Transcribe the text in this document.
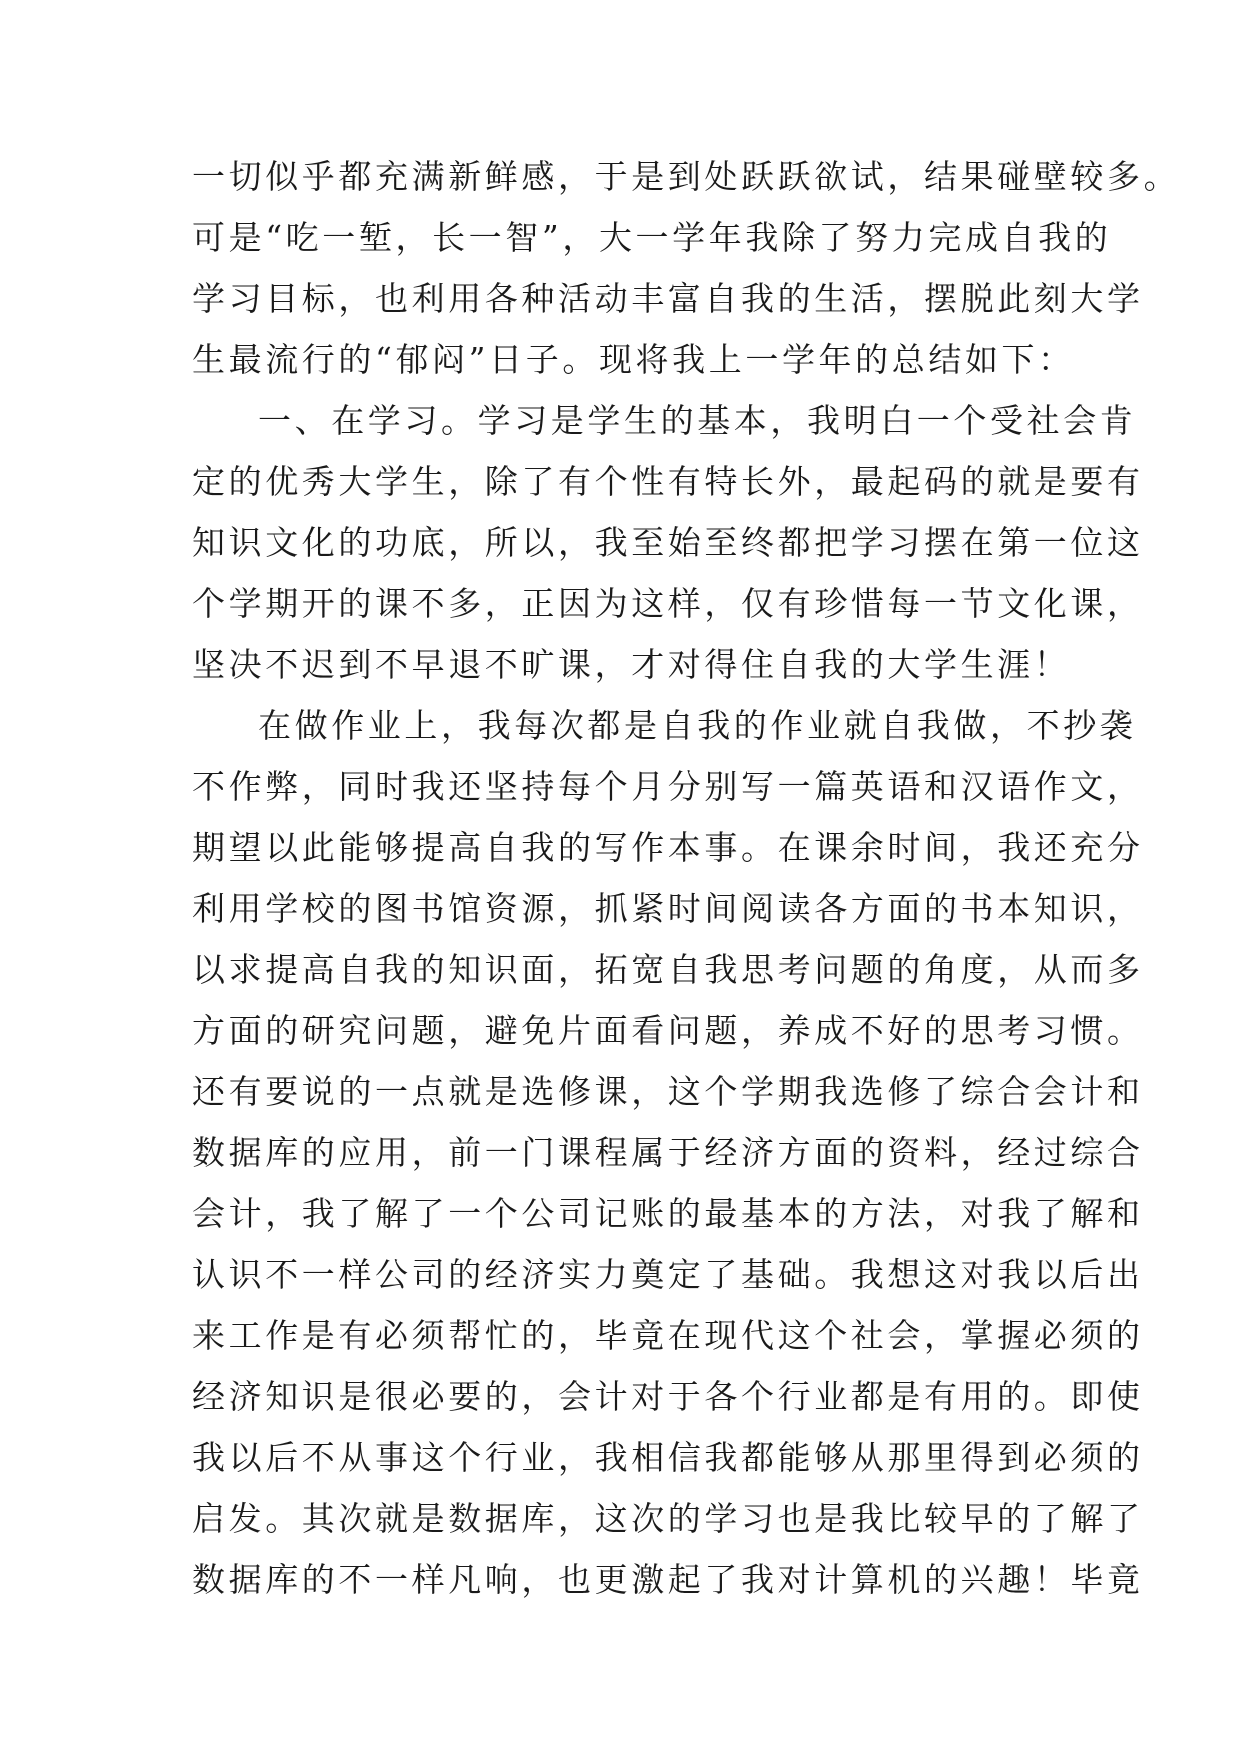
一切似乎都充满新鲜感，于是到处跃跃欲试，结果碰壁较多。
可是“吃一堑，长一智”，大一学年我除了努力完成自我的
学习目标，也利用各种活动丰富自我的生活，摆脱此刻大学
生最流行的“郁闷”日子。现将我上一学年的总结如下：
一、在学习。学习是学生的基本，我明白一个受社会肯
定的优秀大学生，除了有个性有特长外，最起码的就是要有
知识文化的功底，所以，我至始至终都把学习摆在第一位这
个学期开的课不多，正因为这样，仅有珍惜每一节文化课，
坚决不迟到不早退不旷课，才对得住自我的大学生涯！
在做作业上，我每次都是自我的作业就自我做，不抄袭
不作弊，同时我还坚持每个月分别写一篇英语和汉语作文，
期望以此能够提高自我的写作本事。在课余时间，我还充分
利用学校的图书馆资源，抓紧时间阅读各方面的书本知识，
以求提高自我的知识面，拓宽自我思考问题的角度，从而多
方面的研究问题，避免片面看问题，养成不好的思考习惯。
还有要说的一点就是选修课，这个学期我选修了综合会计和
数据库的应用，前一门课程属于经济方面的资料，经过综合
会计，我了解了一个公司记账的最基本的方法，对我了解和
认识不一样公司的经济实力奠定了基础。我想这对我以后出
来工作是有必须帮忙的，毕竟在现代这个社会，掌握必须的
经济知识是很必要的，会计对于各个行业都是有用的。即使
我以后不从事这个行业，我相信我都能够从那里得到必须的
启发。其次就是数据库，这次的学习也是我比较早的了解了
数据库的不一样凡响，也更激起了我对计算机的兴趣！毕竟
